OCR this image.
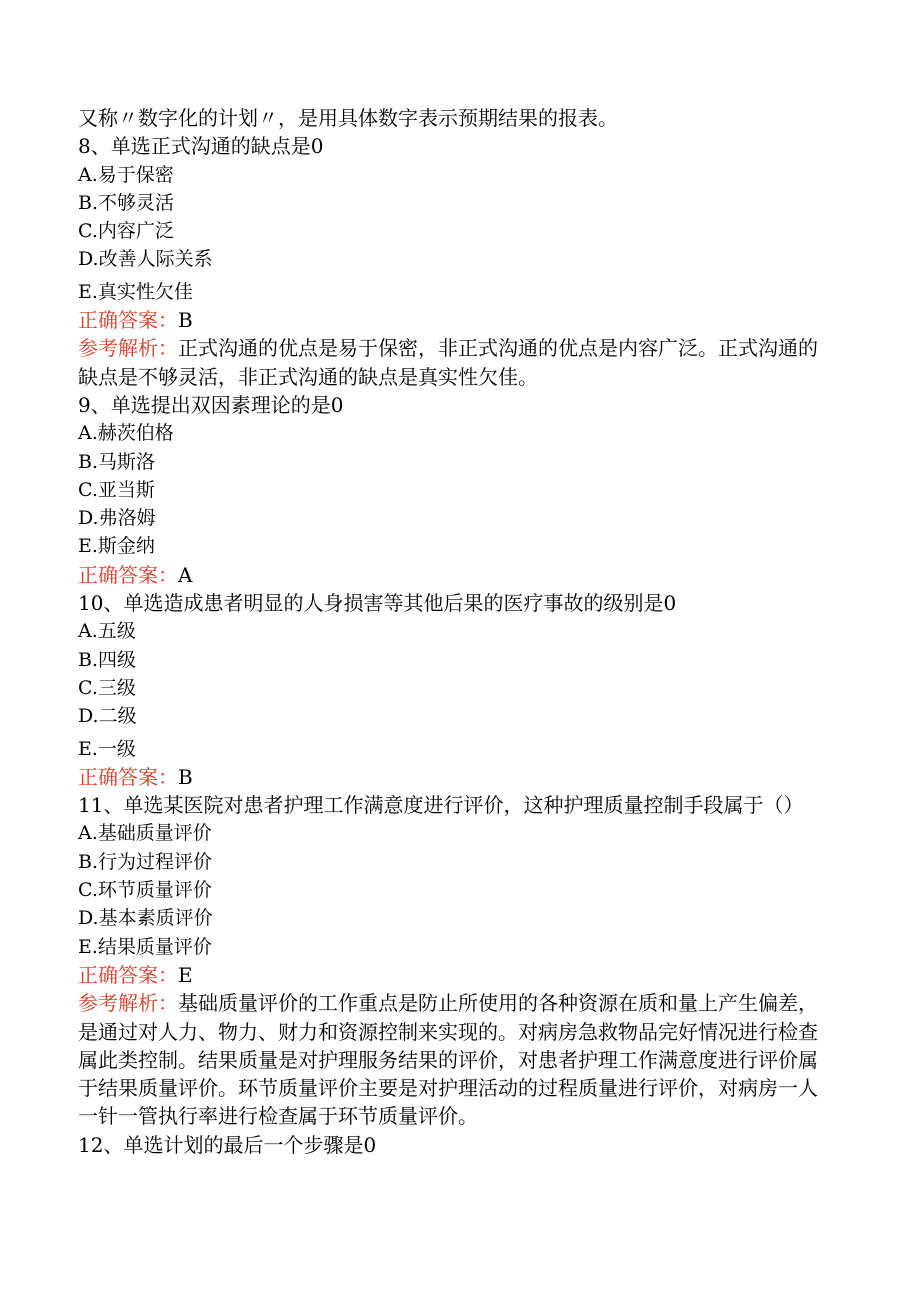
又称〃数字化的计划〃，是用具体数字表示预期结果的报表。
8、单选正式沟通的缺点是0
A.易于保密
B.不够灵活
C.内容广泛
D.改善人际关系
E.真实性欠佳
正确答案：B
参考解析：正式沟通的优点是易于保密，非正式沟通的优点是内容广泛。正式沟通的缺点是不够灵活，非正式沟通的缺点是真实性欠佳。
9、单选提出双因素理论的是0
A.赫茨伯格
B.马斯洛
C.亚当斯
D.弗洛姆
E.斯金纳
正确答案：A
10、单选造成患者明显的人身损害等其他后果的医疗事故的级别是0
A.五级
B.四级
C.三级
D.二级
E.一级
正确答案：B
11、单选某医院对患者护理工作满意度进行评价，这种护理质量控制手段属于（）
A.基础质量评价
B.行为过程评价
C.环节质量评价
D.基本素质评价
E.结果质量评价
正确答案：E
参考解析：基础质量评价的工作重点是防止所使用的各种资源在质和量上产生偏差，是通过对人力、物力、财力和资源控制来实现的。对病房急救物品完好情况进行检查属此类控制。结果质量是对护理服务结果的评价，对患者护理工作满意度进行评价属于结果质量评价。环节质量评价主要是对护理活动的过程质量进行评价，对病房一人一针一管执行率进行检查属于环节质量评价。
12、单选计划的最后一个步骤是0
